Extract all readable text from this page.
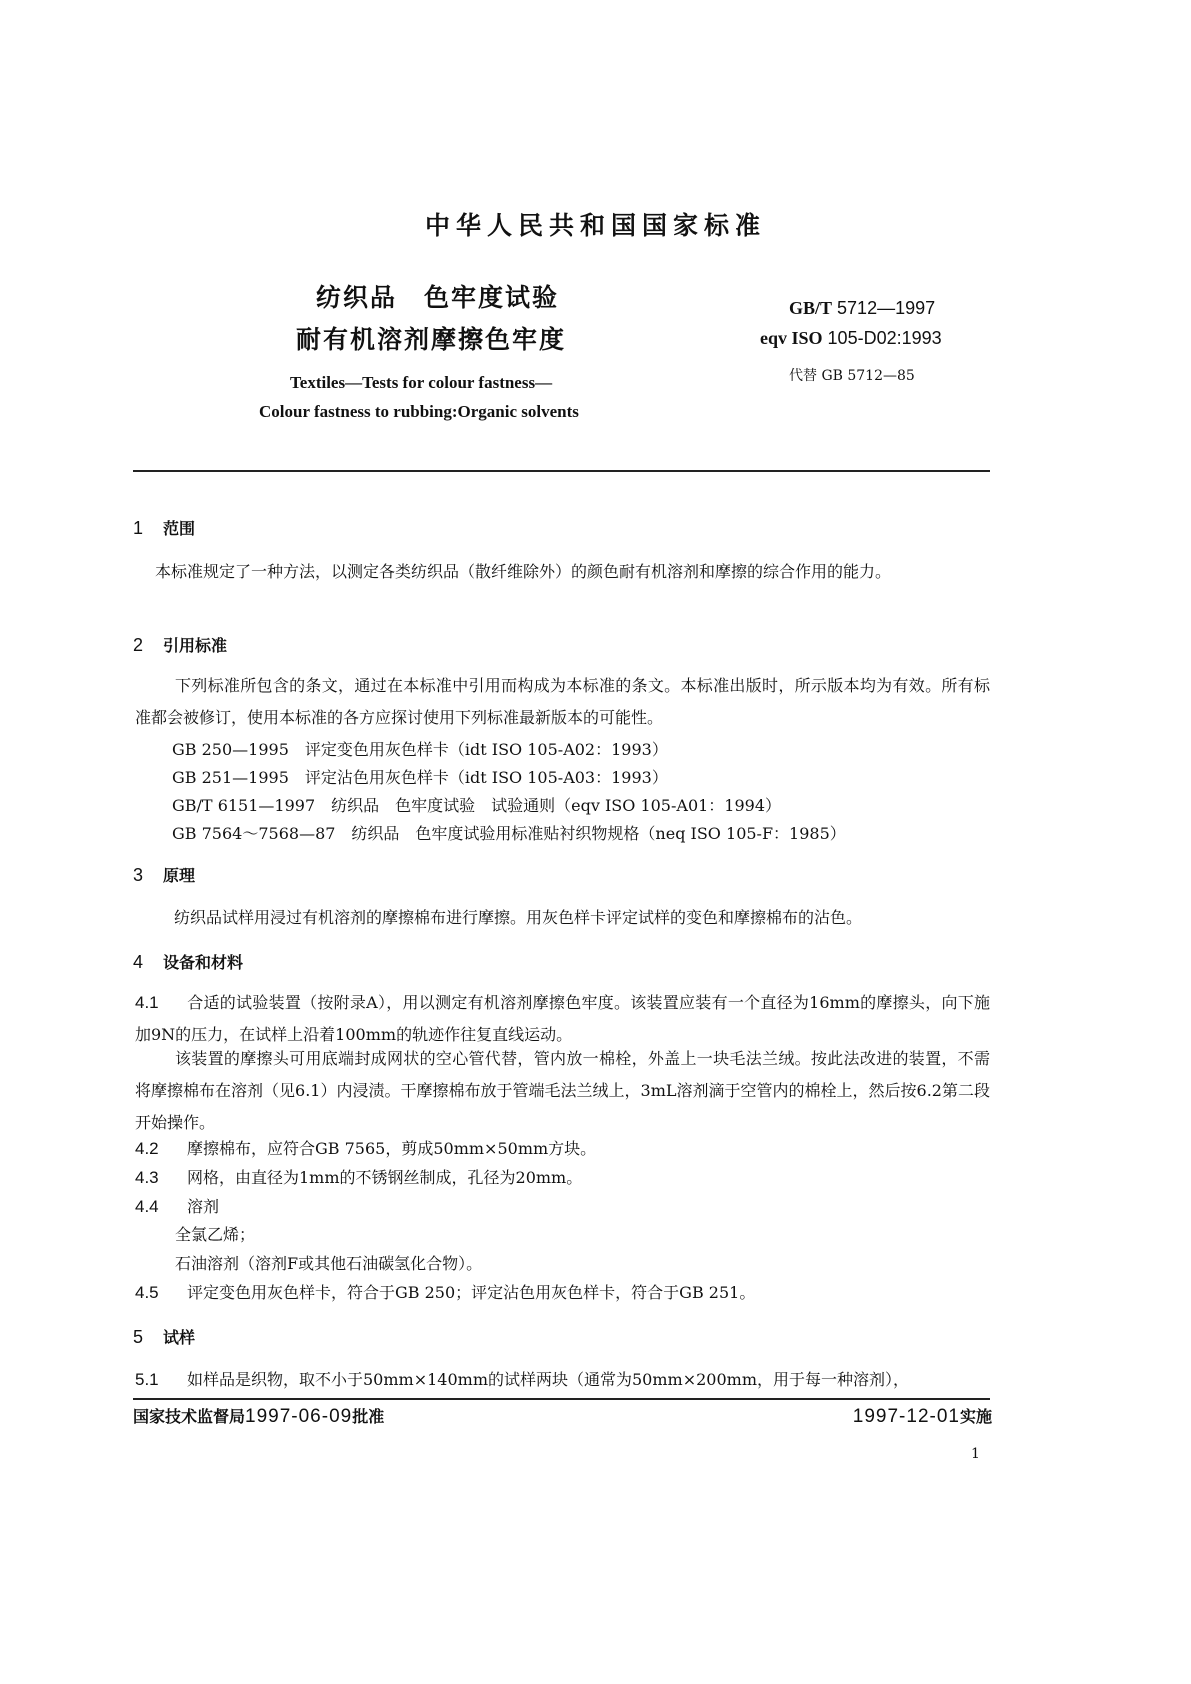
中华人民共和国国家标准
纺织品　色牢度试验
耐有机溶剂摩擦色牢度
Textiles—Tests for colour fastness—
Colour fastness to rubbing:Organic solvents
GB/T 5712—1997
eqv ISO 105-D02:1993
代替 GB 5712—85
1 范围
本标准规定了一种方法，以测定各类纺织品（散纤维除外）的颜色耐有机溶剂和摩擦的综合作用的能力。
2 引用标准
下列标准所包含的条文，通过在本标准中引用而构成为本标准的条文。本标准出版时，所示版本均为有效。所有标准都会被修订，使用本标准的各方应探讨使用下列标准最新版本的可能性。
GB 250—1995　评定变色用灰色样卡（idt ISO 105-A02：1993）
GB 251—1995　评定沾色用灰色样卡（idt ISO 105-A03：1993）
GB/T 6151—1997　纺织品　色牢度试验　试验通则（eqv ISO 105-A01：1994）
GB 7564～7568—87　纺织品　色牢度试验用标准贴衬织物规格（neq ISO 105-F：1985）
3 原理
纺织品试样用浸过有机溶剂的摩擦棉布进行摩擦。用灰色样卡评定试样的变色和摩擦棉布的沾色。
4 设备和材料
4.1 合适的试验装置（按附录A），用以测定有机溶剂摩擦色牢度。该装置应装有一个直径为16mm的摩擦头，向下施加9N的压力，在试样上沿着100mm的轨迹作往复直线运动。
该装置的摩擦头可用底端封成网状的空心管代替，管内放一棉栓，外盖上一块毛法兰绒。按此法改进的装置，不需将摩擦棉布在溶剂（见6.1）内浸渍。干摩擦棉布放于管端毛法兰绒上，3mL溶剂滴于空管内的棉栓上，然后按6.2第二段开始操作。
4.2 摩擦棉布，应符合GB 7565，剪成50mm×50mm方块。
4.3 网格，由直径为1mm的不锈钢丝制成，孔径为20mm。
4.4 溶剂
全氯乙烯；
石油溶剂（溶剂F或其他石油碳氢化合物）。
4.5 评定变色用灰色样卡，符合于GB 250；评定沾色用灰色样卡，符合于GB 251。
5 试样
5.1 如样品是织物，取不小于50mm×140mm的试样两块（通常为50mm×200mm，用于每一种溶剂），
国家技术监督局1997-06-09批准	1997-12-01实施
1
